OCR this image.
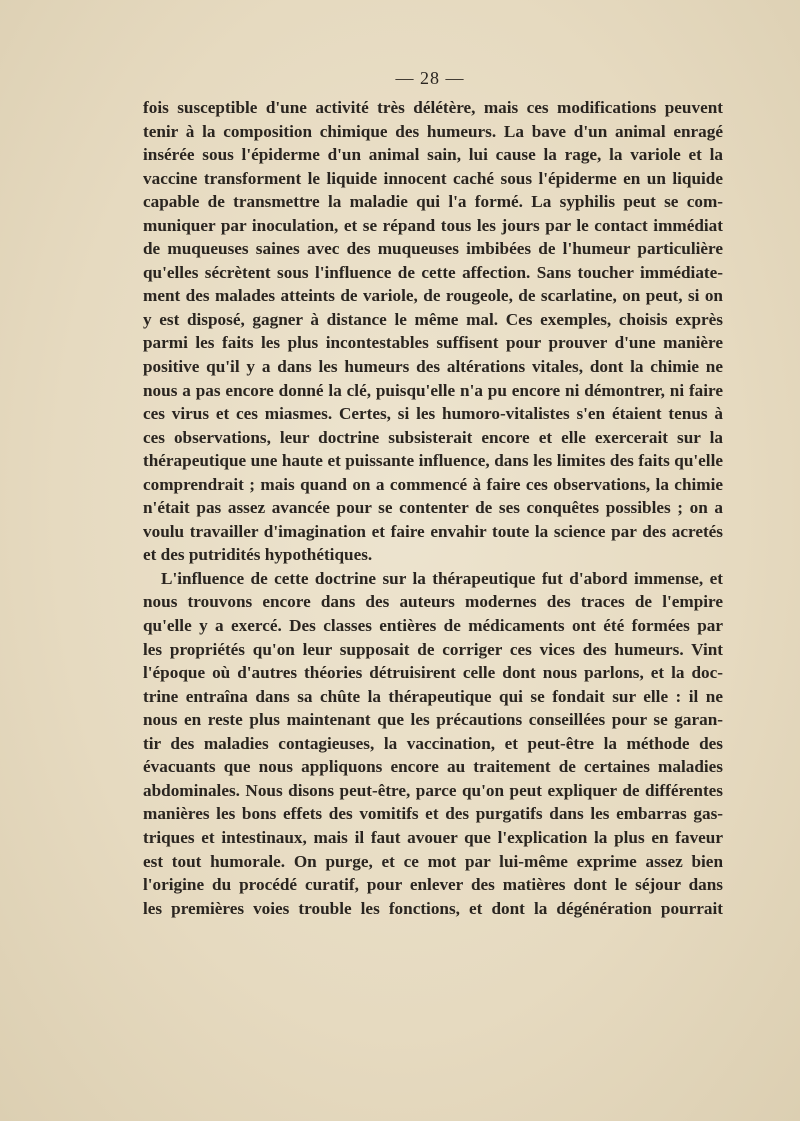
— 28 —
fois susceptible d'une activité très délétère, mais ces modifications peuvent
tenir à la composition chimique des humeurs. La bave d'un animal enragé
insérée sous l'épiderme d'un animal sain, lui cause la rage, la variole et la
vaccine transforment le liquide innocent caché sous l'épiderme en un liquide
capable de transmettre la maladie qui l'a formé. La syphilis peut se com-
muniquer par inoculation, et se répand tous les jours par le contact immédiat
de muqueuses saines avec des muqueuses imbibées de l'humeur particulière
qu'elles sécrètent sous l'influence de cette affection. Sans toucher immédiate-
ment des malades atteints de variole, de rougeole, de scarlatine, on peut, si on
y est disposé, gagner à distance le même mal. Ces exemples, choisis exprès
parmi les faits les plus incontestables suffisent pour prouver d'une manière
positive qu'il y a dans les humeurs des altérations vitales, dont la chimie ne
nous a pas encore donné la clé, puisqu'elle n'a pu encore ni démontrer, ni faire
ces virus et ces miasmes. Certes, si les humoro-vitalistes s'en étaient tenus à
ces observations, leur doctrine subsisterait encore et elle exercerait sur la
thérapeutique une haute et puissante influence, dans les limites des faits qu'elle
comprendrait ; mais quand on a commencé à faire ces observations, la chimie
n'était pas assez avancée pour se contenter de ses conquêtes possibles ; on a
voulu travailler d'imagination et faire envahir toute la science par des acretés
et des putridités hypothétiques.
L'influence de cette doctrine sur la thérapeutique fut d'abord immense, et
nous trouvons encore dans des auteurs modernes des traces de l'empire
qu'elle y a exercé. Des classes entières de médicaments ont été formées par
les propriétés qu'on leur supposait de corriger ces vices des humeurs. Vint
l'époque où d'autres théories détruisirent celle dont nous parlons, et la doc-
trine entraîna dans sa chûte la thérapeutique qui se fondait sur elle : il ne
nous en reste plus maintenant que les précautions conseillées pour se garan-
tir des maladies contagieuses, la vaccination, et peut-être la méthode des
évacuants que nous appliquons encore au traitement de certaines maladies
abdominales. Nous disons peut-être, parce qu'on peut expliquer de différentes
manières les bons effets des vomitifs et des purgatifs dans les embarras gas-
triques et intestinaux, mais il faut avouer que l'explication la plus en faveur
est tout humorale. On purge, et ce mot par lui-même exprime assez bien
l'origine du procédé curatif, pour enlever des matières dont le séjour dans
les premières voies trouble les fonctions, et dont la dégénération pourrait
